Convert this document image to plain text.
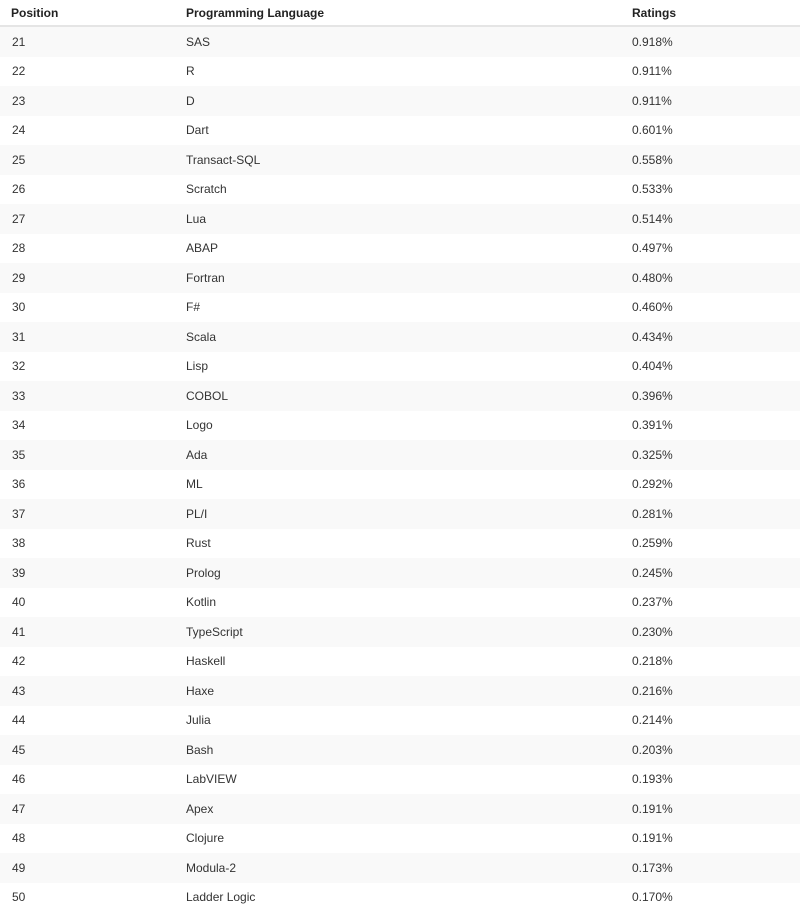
Position	Programming Language	Ratings
21	SAS	0.918%
22	R	0.911%
23	D	0.911%
24	Dart	0.601%
25	Transact-SQL	0.558%
26	Scratch	0.533%
27	Lua	0.514%
28	ABAP	0.497%
29	Fortran	0.480%
30	F#	0.460%
31	Scala	0.434%
32	Lisp	0.404%
33	COBOL	0.396%
34	Logo	0.391%
35	Ada	0.325%
36	ML	0.292%
37	PL/I	0.281%
38	Rust	0.259%
39	Prolog	0.245%
40	Kotlin	0.237%
41	TypeScript	0.230%
42	Haskell	0.218%
43	Haxe	0.216%
44	Julia	0.214%
45	Bash	0.203%
46	LabVIEW	0.193%
47	Apex	0.191%
48	Clojure	0.191%
49	Modula-2	0.173%
50	Ladder Logic	0.170%
